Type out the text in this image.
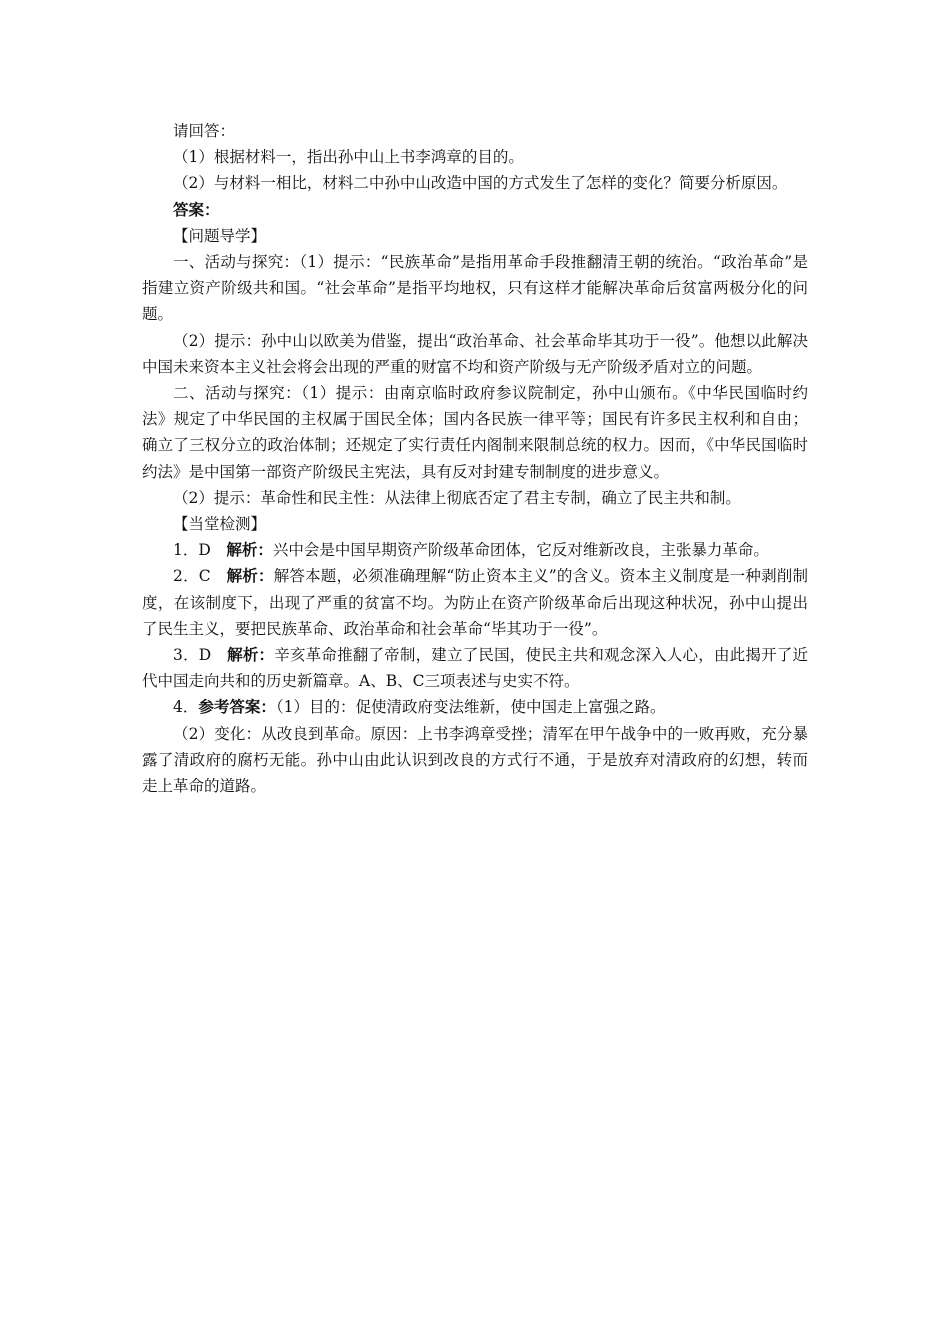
请回答：

（1）根据材料一，指出孙中山上书李鸿章的目的。

（2）与材料一相比，材料二中孙中山改造中国的方式发生了怎样的变化？简要分析原因。

答案：

【问题导学】

一、活动与探究：（1）提示：“民族革命”是指用革命手段推翻清王朝的统治。“政治革命”是指建立资产阶级共和国。“社会革命”是指平均地权，只有这样才能解决革命后贫富两极分化的问题。

（2）提示：孙中山以欧美为借鉴，提出“政治革命、社会革命毕其功于一役”。他想以此解决中国未来资本主义社会将会出现的严重的财富不均和资产阶级与无产阶级矛盾对立的问题。

二、活动与探究：（1）提示：由南京临时政府参议院制定，孙中山颁布。《中华民国临时约法》规定了中华民国的主权属于国民全体；国内各民族一律平等；国民有许多民主权利和自由；确立了三权分立的政治体制；还规定了实行责任内阁制来限制总统的权力。因而，《中华民国临时约法》是中国第一部资产阶级民主宪法，具有反对封建专制制度的进步意义。

（2）提示：革命性和民主性：从法律上彻底否定了君主专制，确立了民主共和制。

【当堂检测】

1．D　 解析：兴中会是中国早期资产阶级革命团体，它反对维新改良，主张暴力革命。

2．C　 解析：解答本题，必须准确理解“防止资本主义”的含义。资本主义制度是一种剥削制度，在该制度下，出现了严重的贫富不均。为防止在资产阶级革命后出现这种状况，孙中山提出了民生主义，要把民族革命、政治革命和社会革命“毕其功于一役”。

3．D　 解析：辛亥革命推翻了帝制，建立了民国，使民主共和观念深入人心，由此揭开了近代中国走向共和的历史新篇章。A、B、C三项表述与史实不符。

4．参考答案：（1）目的：促使清政府变法维新，使中国走上富强之路。

（2）变化：从改良到革命。原因：上书李鸿章受挫；清军在甲午战争中的一败再败，充分暴露了清政府的腐朽无能。孙中山由此认识到改良的方式行不通，于是放弃对清政府的幻想，转而走上革命的道路。
